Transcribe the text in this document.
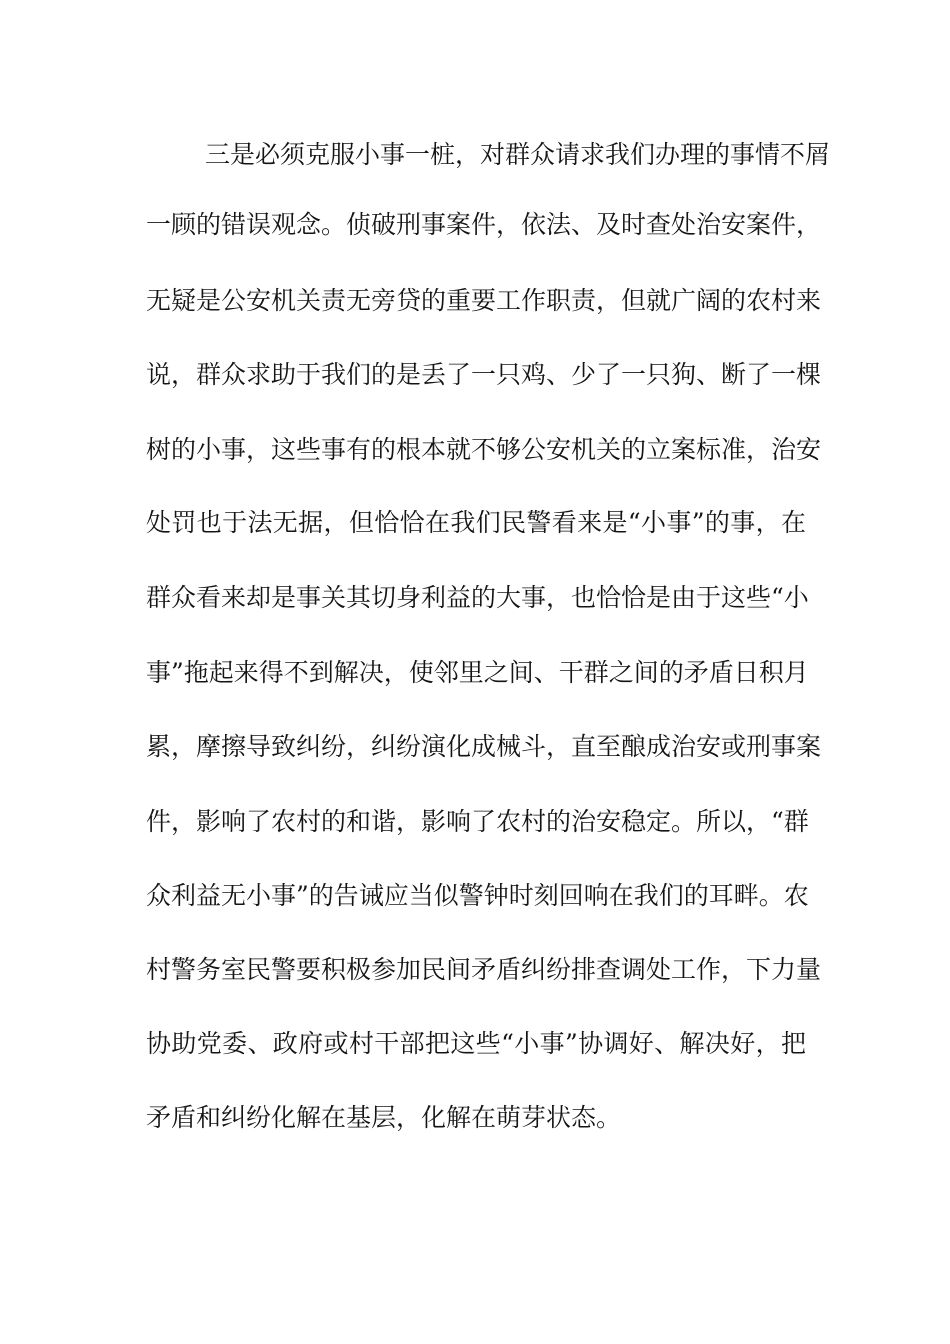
三是必须克服小事一桩，对群众请求我们办理的事情不屑
一顾的错误观念。侦破刑事案件，依法、及时查处治安案件，
无疑是公安机关责无旁贷的重要工作职责，但就广阔的农村来
说，群众求助于我们的是丢了一只鸡、少了一只狗、断了一棵
树的小事，这些事有的根本就不够公安机关的立案标准，治安
处罚也于法无据，但恰恰在我们民警看来是“小事”的事，在
群众看来却是事关其切身利益的大事，也恰恰是由于这些“小
事”拖起来得不到解决，使邻里之间、干群之间的矛盾日积月
累，摩擦导致纠纷，纠纷演化成械斗，直至酿成治安或刑事案
件，影响了农村的和谐，影响了农村的治安稳定。所以，“群
众利益无小事”的告诫应当似警钟时刻回响在我们的耳畔。农
村警务室民警要积极参加民间矛盾纠纷排查调处工作，下力量
协助党委、政府或村干部把这些“小事”协调好、解决好，把
矛盾和纠纷化解在基层，化解在萌芽状态。
